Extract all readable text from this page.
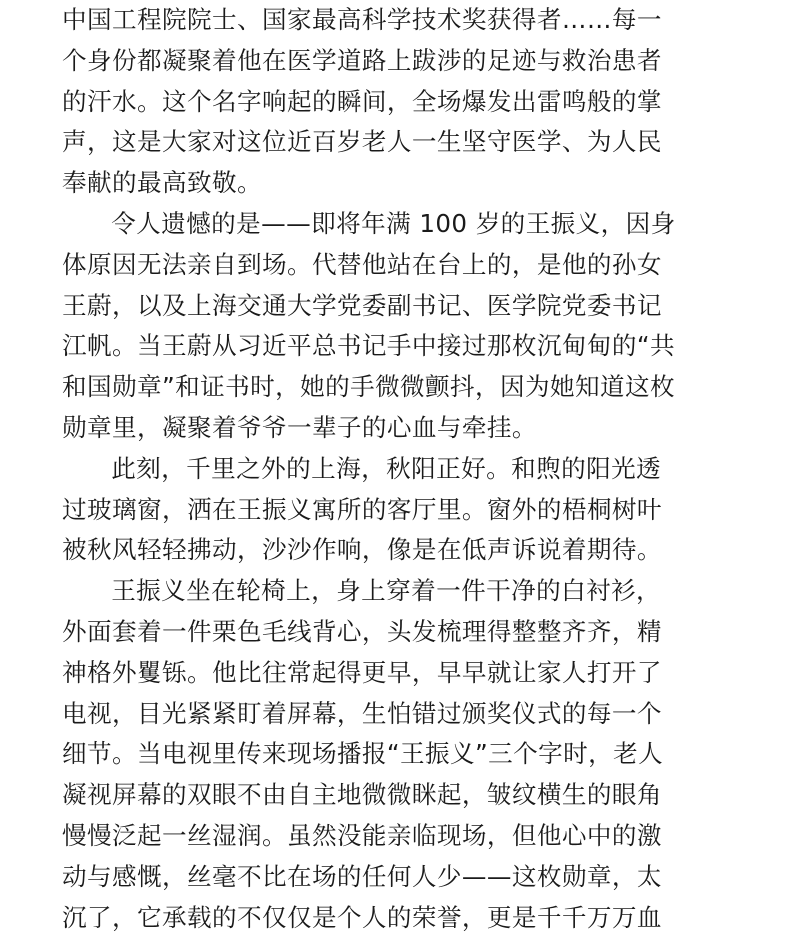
中国工程院院士、国家最高科学技术奖获得者……每一
个身份都凝聚着他在医学道路上跋涉的足迹与救治患者
的汗水。这个名字响起的瞬间，全场爆发出雷鸣般的掌
声，这是大家对这位近百岁老人一生坚守医学、为人民
奉献的最高致敬。
令人遗憾的是——即将年满 100 岁的王振义，因身
体原因无法亲自到场。代替他站在台上的，是他的孙女
王蔚，以及上海交通大学党委副书记、医学院党委书记
江帆。当王蔚从习近平总书记手中接过那枚沉甸甸的“共
和国勋章”和证书时，她的手微微颤抖，因为她知道这枚
勋章里，凝聚着爷爷一辈子的心血与牵挂。
此刻，千里之外的上海，秋阳正好。和煦的阳光透
过玻璃窗，洒在王振义寓所的客厅里。窗外的梧桐树叶
被秋风轻轻拂动，沙沙作响，像是在低声诉说着期待。
王振义坐在轮椅上，身上穿着一件干净的白衬衫，
外面套着一件栗色毛线背心，头发梳理得整整齐齐，精
神格外矍铄。他比往常起得更早，早早就让家人打开了
电视，目光紧紧盯着屏幕，生怕错过颁奖仪式的每一个
细节。当电视里传来现场播报“王振义”三个字时，老人
凝视屏幕的双眼不由自主地微微眯起，皱纹横生的眼角
慢慢泛起一丝湿润。虽然没能亲临现场，但他心中的激
动与感慨，丝毫不比在场的任何人少——这枚勋章，太
沉了，它承载的不仅仅是个人的荣誉，更是千千万万血
